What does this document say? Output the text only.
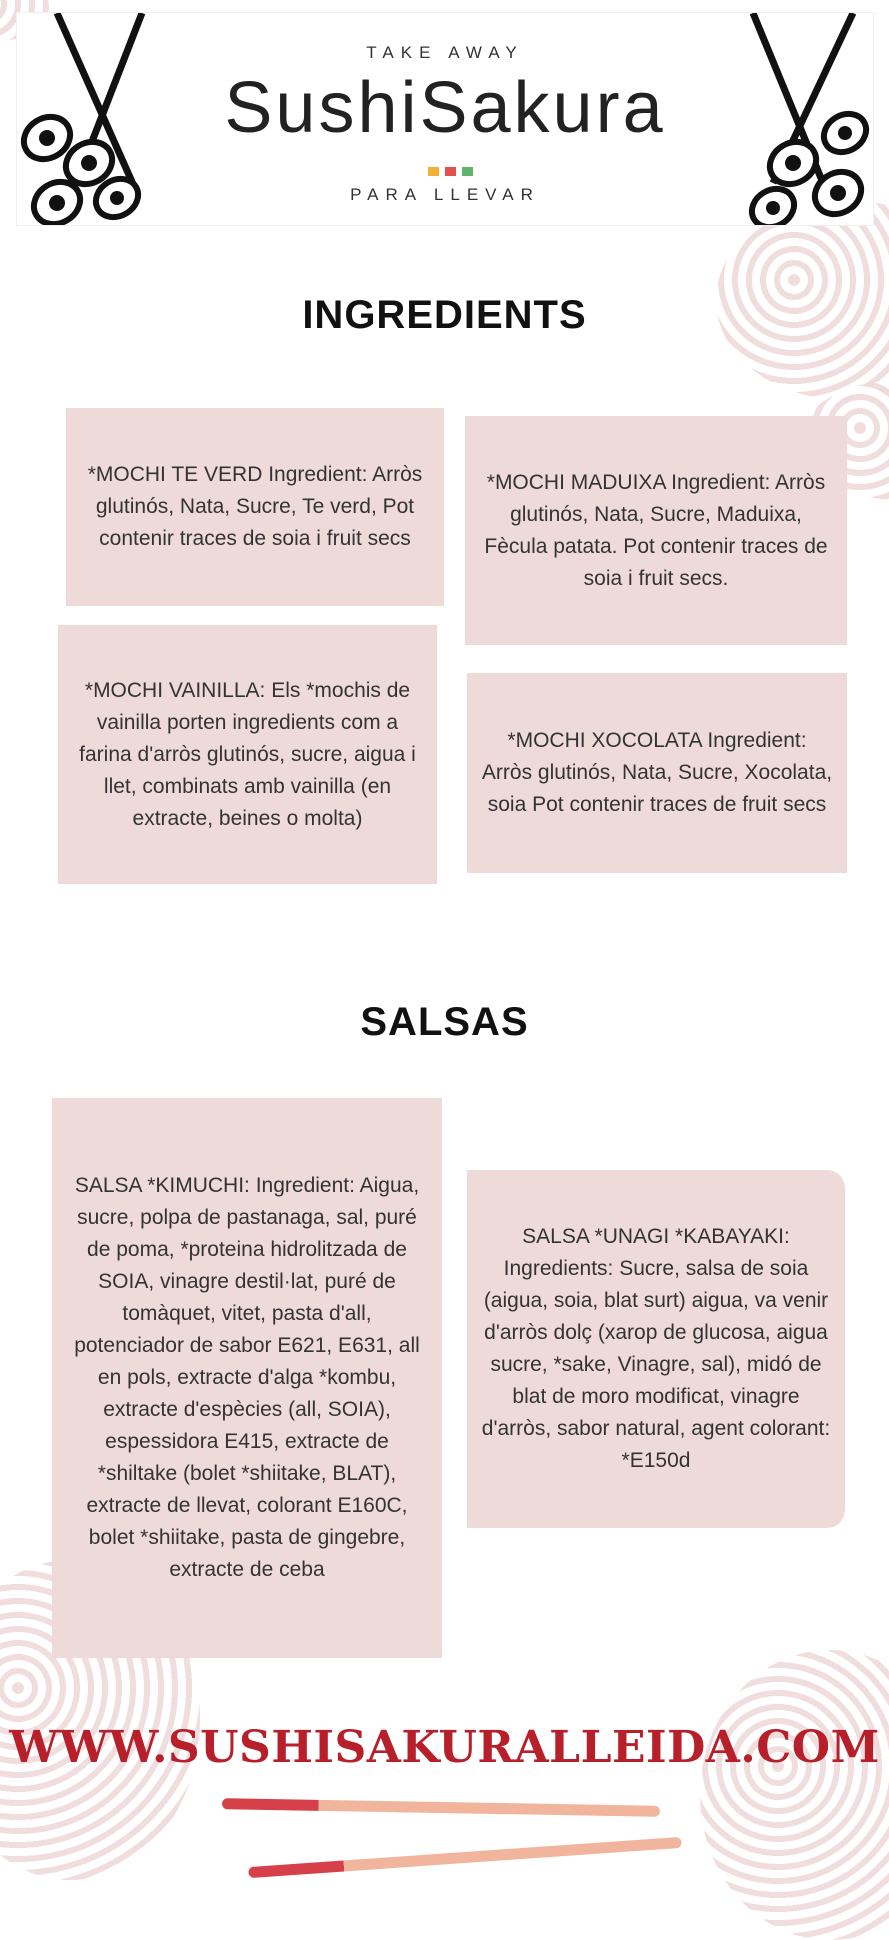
TAKE AWAY
SushiSakura
PARA LLEVAR
INGREDIENTS
*MOCHI TE VERD Ingredient: Arròs glutinós, Nata, Sucre, Te verd, Pot contenir traces de soia i fruit secs
*MOCHI MADUIXA Ingredient: Arròs glutinós, Nata, Sucre, Maduixa, Fècula patata. Pot contenir traces de soia i fruit secs.
*MOCHI VAINILLA: Els *mochis de vainilla porten ingredients com a farina d'arròs glutinós, sucre, aigua i llet, combinats amb vainilla (en extracte, beines o molta)
*MOCHI XOCOLATA Ingredient: Arròs glutinós, Nata, Sucre, Xocolata, soia Pot contenir traces de fruit secs
SALSAS
SALSA *KIMUCHI: Ingredient: Aigua, sucre, polpa de pastanaga, sal, puré de poma, *proteina hidrolitzada de SOIA, vinagre destil·lat, puré de tomàquet, vitet, pasta d'all, potenciador de sabor E621, E631, all en pols, extracte d'alga *kombu, extracte d'espècies (all, SOIA), espessidora E415, extracte de *shiltake (bolet *shiitake, BLAT), extracte de llevat, colorant E160C, bolet *shiitake, pasta de gingebre, extracte de ceba
SALSA *UNAGI *KABAYAKI: Ingredients: Sucre, salsa de soia (aigua, soia, blat surt) aigua, va venir d'arròs dolç (xarop de glucosa, aigua sucre, *sake, Vinagre, sal), midó de blat de moro modificat, vinagre d'arròs, sabor natural, agent colorant: *E150d
WWW.SUSHISAKURALLEIDA.COM
